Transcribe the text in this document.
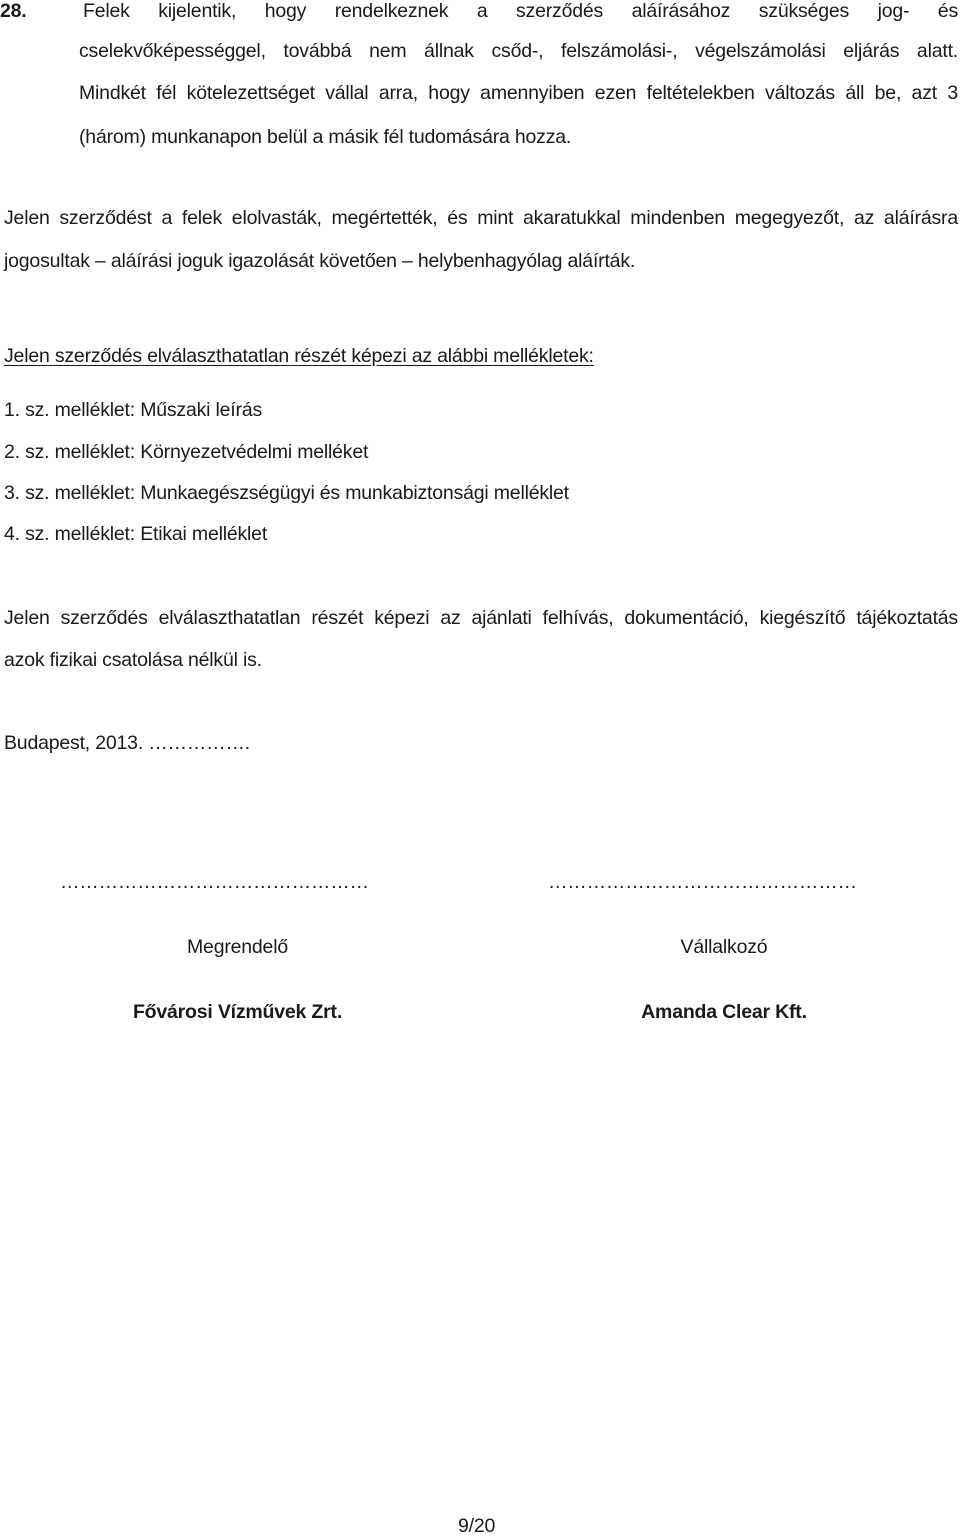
28.	Felek kijelentik, hogy rendelkeznek a szerződés aláírásához szükséges jog- és
cselekvőképességgel, továbbá nem állnak csőd-, felszámolási-, végelszámolási eljárás alatt.
Mindkét fél kötelezettséget vállal arra, hogy amennyiben ezen feltételekben változás áll be, azt 3
(három) munkanapon belül a másik fél tudomására hozza.
Jelen szerződést a felek elolvasták, megértették, és mint akaratukkal mindenben megegyezőt, az aláírásra
jogosultak – aláírási joguk igazolását követően – helybenhagyólag aláírták.
Jelen szerződés elválaszthatatlan részét képezi az alábbi mellékletek:
1. sz. melléklet: Műszaki leírás
2. sz. melléklet: Környezetvédelmi melléket
3. sz. melléklet: Munkaegészségügyi és munkabiztonsági melléklet
4. sz. melléklet: Etikai melléklet
Jelen szerződés elválaszthatatlan részét képezi az ajánlati felhívás, dokumentáció, kiegészítő tájékoztatás
azok fizikai csatolása nélkül is.
Budapest, 2013. …………….
…………………………………………
Megrendelő
Fővárosi Vízművek Zrt.
…………………………………………
Vállalkozó
Amanda Clear Kft.
9/20
